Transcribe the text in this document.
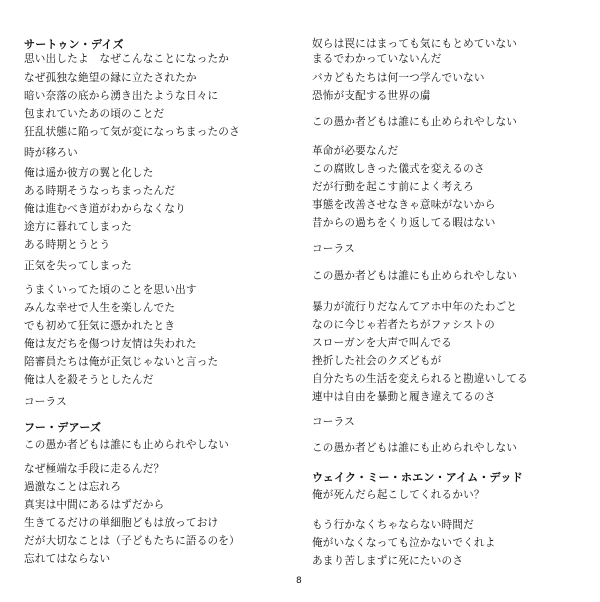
サートゥン・デイズ
思い出したよ　なぜこんなことになったか
なぜ孤独な絶望の縁に立たされたか
暗い奈落の底から湧き出たような日々に
包まれていたあの頃のことだ
狂乱状態に陥って気が変になっちまったのさ
時が移ろい
俺は遥か彼方の翼と化した
ある時期そうなっちまったんだ
俺は進むべき道がわからなくなり
途方に暮れてしまった
ある時期とうとう
正気を失ってしまった
うまくいってた頃のことを思い出す
みんな幸せで人生を楽しんでた
でも初めて狂気に憑かれたとき
俺は友だちを傷つけ友情は失われた
陪審員たちは俺が正気じゃないと言った
俺は人を殺そうとしたんだ
コーラス
フー・デアーズ
この愚か者どもは誰にも止められやしない
なぜ極端な手段に走るんだ？
過激なことは忘れろ
真実は中間にあるはずだから
生きてるだけの単細胞どもは放っておけ
だが大切なことは（子どもたちに語るのを）
忘れてはならない
奴らは罠にはまっても気にもとめていない
まるでわかっていないんだ
バカどもたちは何一つ学んでいない
恐怖が支配する世界の虜
この愚か者どもは誰にも止められやしない
革命が必要なんだ
この腐敗しきった儀式を変えるのさ
だが行動を起こす前によく考えろ
事態を改善させなきゃ意味がないから
昔からの過ちをくり返してる暇はない
コーラス
この愚か者どもは誰にも止められやしない
暴力が流行りだなんてアホ中年のたわごと
なのに今じゃ若者たちがファシストの
スローガンを大声で叫んでる
挫折した社会のクズどもが
自分たちの生活を変えられると勘違いしてる
連中は自由を暴動と履き違えてるのさ
コーラス
この愚か者どもは誰にも止められやしない
ウェイク・ミー・ホエン・アイム・デッド
俺が死んだら起こしてくれるかい？
もう行かなくちゃならない時間だ
俺がいなくなっても泣かないでくれよ
あまり苦しまずに死にたいのさ
8
